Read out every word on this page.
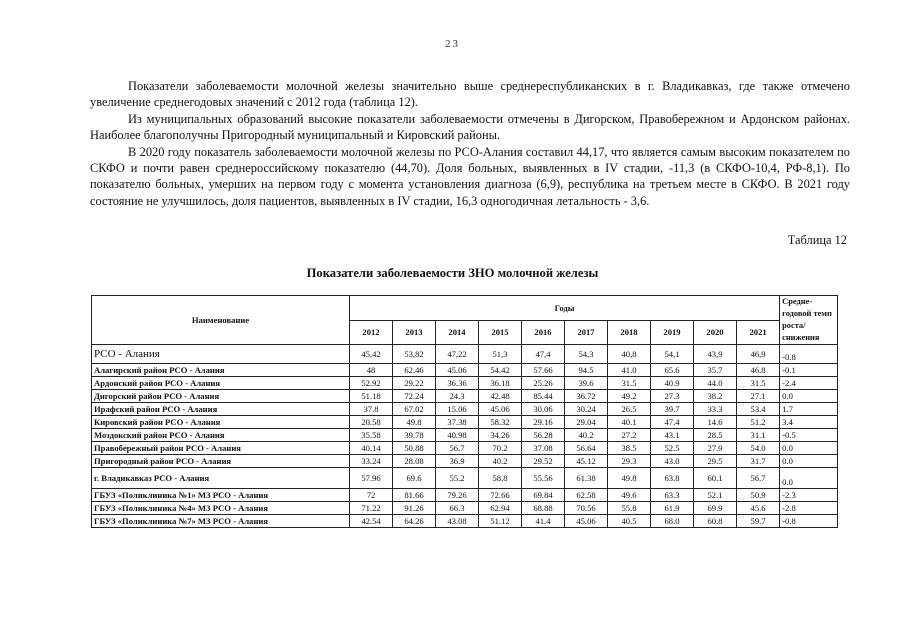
23

Показатели заболеваемости молочной железы значительно выше среднереспубликанских в г. Владикавказ, где также отмечено увеличение среднегодовых значений с 2012 года (таблица 12).

Из муниципальных образований высокие показатели заболеваемости отмечены в Дигорском, Правобережном и Ардонском районах. Наиболее благополучны Пригородный муниципальный и Кировский районы.

В 2020 году показатель заболеваемости молочной железы по РСО-Алания составил 44,17, что является самым высоким показателем по СКФО и почти равен среднероссийскому показателю (44,70). Доля больных, выявленных в IV стадии, -11,3 (в СКФО-10,4, РФ-8,1). По показателю больных, умерших на первом году с момента установления диагноза (6,9), республика на третьем месте в СКФО. В 2021 году состояние не улучшилось, доля пациентов, выявленных в IV стадии, 16,3 одногодичная летальность - 3,6.

Таблица 12
Показатели заболеваемости ЗНО молочной железы
Наименование	Годы										Средне-годовой темп роста/ снижения
	2012	2013	2014	2015	2016	2017	2018	2019	2020	2021	
РСО - Алания	45,42	53,82	47,22	51,3	47,4	54,3	40,8	54,1	43,9	46,9	-0.8
Алагирский район РСО - Алания	48	62.46	45.06	54.42	57.66	94.5	41.0	65.6	35.7	46.8	-0.1
Ардонский район РСО - Алания	52.92	29.22	36.36	36.18	25.26	39.6	31.5	40.9	44.0	31.5	-2.4
Дигорский район РСО - Алания	51.18	72.24	24.3	42.48	85.44	36.72	49.2	27.3	38.2	27.1	0.0
Ирафский район РСО - Алания	37.8	67.02	15.06	45.06	30.06	30.24	26.5	39.7	33.3	53.4	1.7
Кировский район РСО - Алания	20.58	49.8	37.38	58.32	29.16	29.04	40.1	47.4	14.6	51.2	3.4
Моздокский район РСО - Алания	35.58	39.78	40.98	34.26	56.28	40.2	27.2	43.1	28.5	31.1	-0.5
Правобережный район РСО - Алания	40.14	50.88	56.7	70.2	37.08	56.64	38.5	52.5	27.9	54.0	0.0
Пригородный район РСО - Алания	33.24	28.08	36.9	40.2	29.52	45.12	29.3	43.0	29.5	31.7	0.0
г. Владикавказ РСО - Алания	57.96	69.6	55.2	58.8	55.56	61.38	49.8	63.8	60.1	56.7	0.0
ГБУЗ «Поликлиника №1» МЗ РСО - Алания	72	81.66	79.26	72.66	69.84	62.58	49.6	63.3	52.1	50.9	-2.3
ГБУЗ «Поликлиника №4» МЗ РСО - Алания	71.22	91.26	66.3	62.94	68.88	70.56	55.8	61.9	69.9	45.6	-2.8
ГБУЗ «Поликлиника №7» МЗ РСО - Алания	42.54	64.26	43.08	51.12	41.4	45.06	40.5	68.0	60.8	59.7	-0.8
